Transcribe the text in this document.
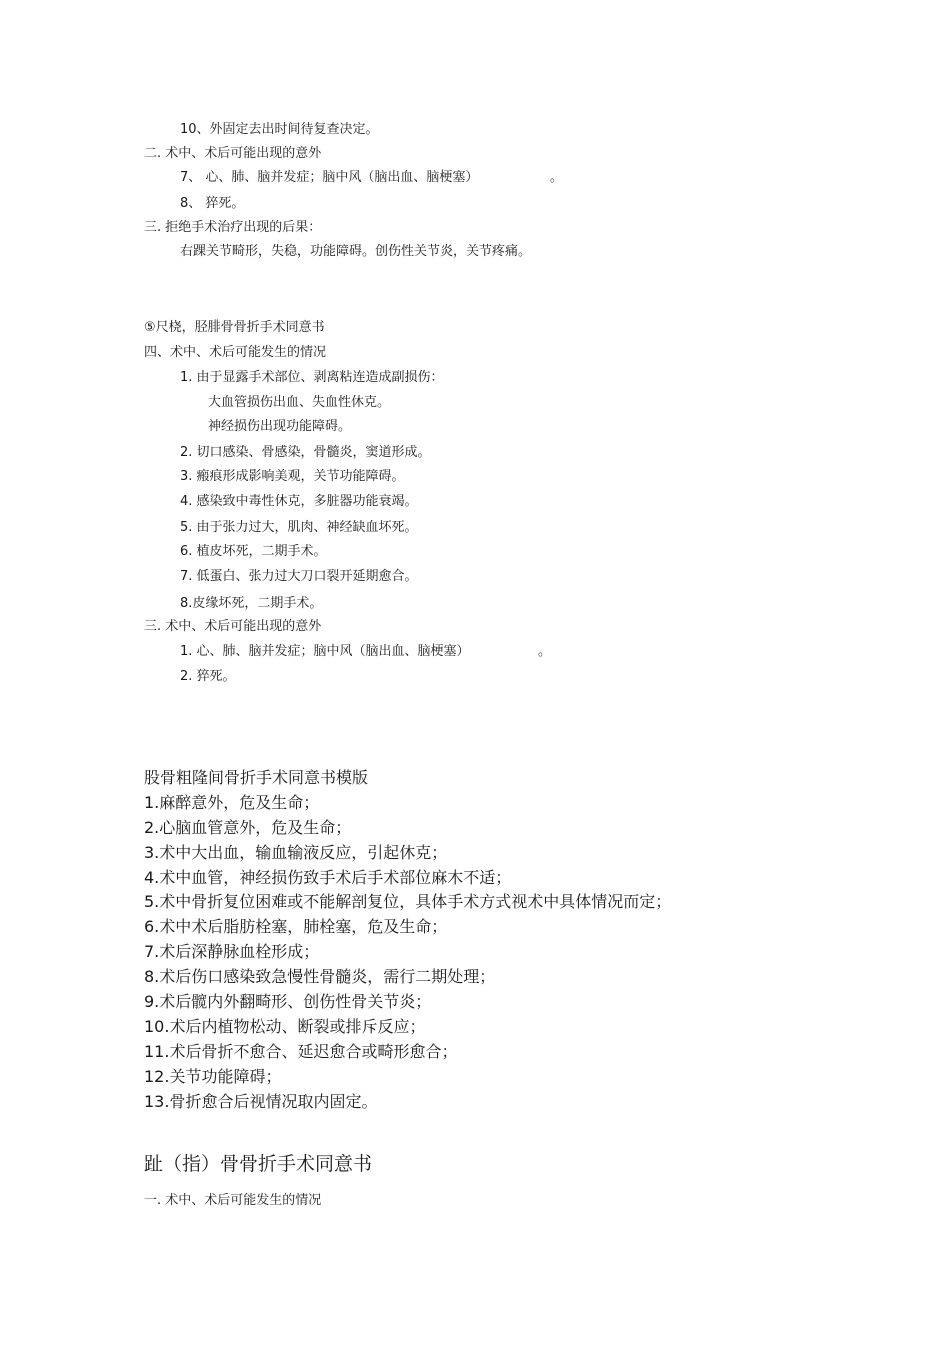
10、外固定去出时间待复查决定。
二. 术中、术后可能出现的意外
7、 心、肺、脑并发症；脑中风（脑出血、脑梗塞）	。
8、 猝死。
三. 拒绝手术治疗出现的后果：
右踝关节畸形，失稳，功能障碍。创伤性关节炎，关节疼痛。
⑤尺桡，胫腓骨骨折手术同意书
四、术中、术后可能发生的情况
1. 由于显露手术部位、剥离粘连造成副损伤：
大血管损伤出血、失血性休克。
神经损伤出现功能障碍。
2. 切口感染、骨感染，骨髓炎，窦道形成。
3. 瘢痕形成影响美观，关节功能障碍。
4. 感染致中毒性休克，多脏器功能衰竭。
5. 由于张力过大，肌肉、神经缺血坏死。
6. 植皮坏死，二期手术。
7. 低蛋白、张力过大刀口裂开延期愈合。
8.皮缘坏死，二期手术。
三. 术中、术后可能出现的意外
1. 心、肺、脑并发症；脑中风（脑出血、脑梗塞）	。
2. 猝死。
股骨粗隆间骨折手术同意书模版
1.麻醉意外，危及生命；
2.心脑血管意外，危及生命；
3.术中大出血，输血输液反应，引起休克；
4.术中血管，神经损伤致手术后手术部位麻木不适；
5.术中骨折复位困难或不能解剖复位，具体手术方式视术中具体情况而定；
6.术中术后脂肪栓塞，肺栓塞，危及生命；
7.术后深静脉血栓形成；
8.术后伤口感染致急慢性骨髓炎，需行二期处理；
9.术后髋内外翻畸形、创伤性骨关节炎；
10.术后内植物松动、断裂或排斥反应；
11.术后骨折不愈合、延迟愈合或畸形愈合；
12.关节功能障碍；
13.骨折愈合后视情况取内固定。
趾（指）骨骨折手术同意书
一. 术中、术后可能发生的情况
